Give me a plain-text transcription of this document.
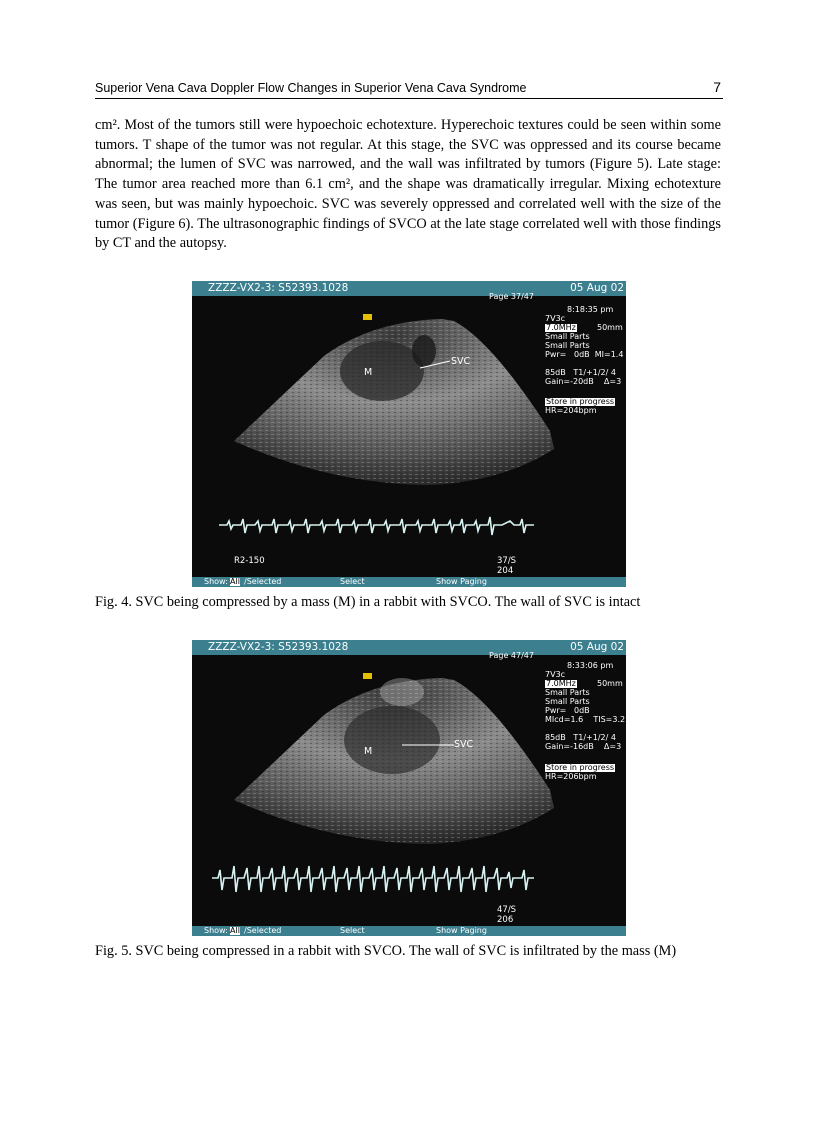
Superior Vena Cava Doppler Flow Changes in Superior Vena Cava Syndrome	7

cm². Most of the tumors still were hypoechoic echotexture. Hyperechoic textures could be seen within some tumors. T shape of the tumor was not regular. At this stage, the SVC was oppressed and its course became abnormal; the lumen of SVC was narrowed, and the wall was infiltrated by tumors (Figure 5). Late stage: The tumor area reached more than 6.1 cm², and the shape was dramatically irregular. Mixing echotexture was seen, but was mainly hypoechoic. SVC was severely oppressed and correlated well with the size of the tumor (Figure 6). The ultrasonographic findings of SVCO at the late stage correlated well with those findings by CT and the autopsy.

ZZZZ-VX2-3: S52393.1028	05 Aug 02
Page 37/47
8:18:35 pm
7V3c
7.0MHz	50mm
Small Parts
Small Parts
Pwr=   0dB  MI=1.4
85dB   T1/+1/2/ 4
Gain=-20dB    Δ=3
Store in progress
HR=204bpm
M
SVC
R2-150	37/S
204
Show: All /Selected	Select	Show Paging
Fig. 4. SVC being compressed by a mass (M) in a rabbit with SVCO. The wall of SVC is intact
ZZZZ-VX2-3: S52393.1028	05 Aug 02
Page 47/47
8:33:06 pm
7V3c
7.0MHz	50mm
Small Parts
Small Parts
Pwr=   0dB
MIcd=1.6    TIS=3.2
85dB   T1/+1/2/ 4
Gain=-16dB    Δ=3
Store in progress
HR=206bpm
M
SVC
47/S
206
Show: All /Selected	Select	Show Paging
Fig. 5. SVC being compressed in a rabbit with SVCO. The wall of SVC is infiltrated by the mass (M)
